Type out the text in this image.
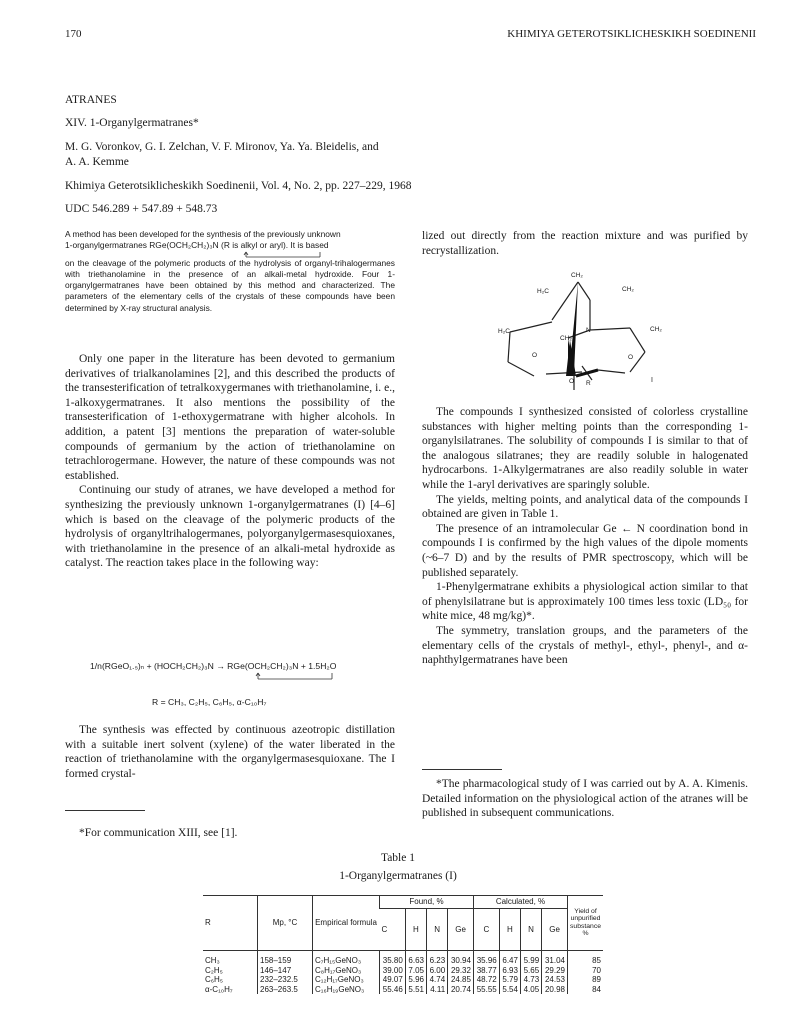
170	KHIMIYA GETEROTSIKLICHESKIKH SOEDINENII
ATRANES
XIV. 1-Organylgermatranes*
M. G. Voronkov, G. I. Zelchan, V. F. Mironov, Ya. Ya. Bleidelis, and
A. A. Kemme
Khimiya Geterotsiklicheskikh Soedinenii, Vol. 4, No. 2, pp. 227–229, 1968
UDC 546.289 + 547.89 + 548.73
A method has been developed for the synthesis of the previously unknown
1-organylgermatranes RGe(OCH₂CH₂)₃N (R is alkyl or aryl). It is based
on the cleavage of the polymeric products of the hydrolysis of organyl-trihalogermanes with triethanolamine in the presence of an alkali-metal hydroxide. Four 1-organylgermatranes have been obtained by this method and characterized. The parameters of the elementary cells of the crystals of these compounds have been determined by X-ray structural analysis.

Only one paper in the literature has been devoted to germanium derivatives of trialkanolamines [2], and this described the products of the transesterification of tetralkoxygermanes with triethanolamine, i. e., 1-alkoxygermatranes. It also mentions the possibility of the transesterification of 1-ethoxygermatrane with higher alcohols. In addition, a patent [3] mentions the preparation of water-soluble compounds of germanium by the action of triethanolamine on tetrachlorogermane. However, the nature of these compounds was not established.

Continuing our study of atranes, we have developed a method for synthesizing the previously unknown 1-organylgermatranes (I) [4–6] which is based on the cleavage of the polymeric products of the hydrolysis of organyltrihalogermanes, polyorganylgermasesquioxanes, with triethanolamine in the presence of an alkali-metal hydroxide as catalyst. The reaction takes place in the following way:

1/n(RGeO₁.₅)ₙ + (HOCH₂CH₂)₃N → RGe(OCH₂CH₂)₃N + 1.5H₂O
R = CH₃, C₂H₅, C₆H₅, α-C₁₀H₇

The synthesis was effected by continuous azeotropic distillation with a suitable inert solvent (xylene) of the water liberated in the reaction of triethanolamine with the organylgermasesquioxane. The I formed crystal-

*For communication XIII, see [1].

lized out directly from the reaction mixture and was purified by recrystallization.

CH₂
H₂C	CH₂
N
H₂C
CH₂
CH₂
O	O
O R	I

The compounds I synthesized consisted of colorless crystalline substances with higher melting points than the corresponding 1-organylsilatranes. The solubility of compounds I is similar to that of the analogous silatranes; they are readily soluble in halogenated hydrocarbons. 1-Alkylgermatranes are also readily soluble in water while the 1-aryl derivatives are sparingly soluble.

The yields, melting points, and analytical data of the compounds I obtained are given in Table 1.

The presence of an intramolecular Ge ← N coordination bond in compounds I is confirmed by the high values of the dipole moments (~6–7 D) and by the results of PMR spectroscopy, which will be published separately.

1-Phenylgermatrane exhibits a physiological action similar to that of phenylsilatrane but is approximately 100 times less toxic (LD₅₀ for white mice, 48 mg/kg)*.

The symmetry, translation groups, and the parameters of the elementary cells of the crystals of methyl-, ethyl-, phenyl-, and α-naphthylgermatranes have been

*The pharmacological study of I was carried out by A. A. Kimenis. Detailed information on the physiological action of the atranes will be published in subsequent communications.

Table 1
1-Organylgermatranes (I)
R	Mp, °C	Empirical formula	Found, %				Calculated, %				Yield of unpurified substance %
			C	H	N	Ge	C	H	N	Ge	

CH₃	158–159	C₇H₁₅GeNO₃	35.80	6.63	6.23	30.94	35.96	6.47	5.99	31.04	85
C₂H₅	146–147	C₈H₁₇GeNO₃	39.00	7.05	6.00	29.32	38.77	6.93	5.65	29.29	70
C₆H₅	232–232.5	C₁₂H₁₇GeNO₃	49.07	5.96	4.74	24.85	48.72	5.79	4.73	24.53	89
α-C₁₀H₇	263–263.5	C₁₆H₁₉GeNO₃	55.46	5.51	4.11	20.74	55.55	5.54	4.05	20.98	84
